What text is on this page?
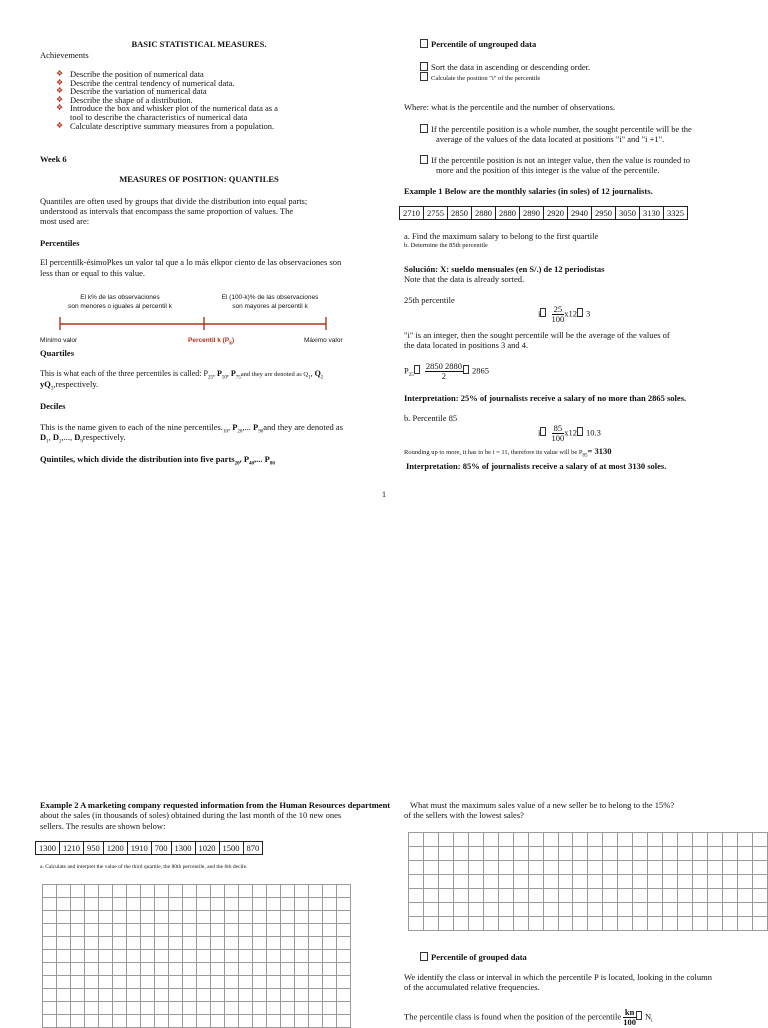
BASIC STATISTICAL MEASURES.
Achievements
❖ Describe the position of numerical data
❖ Describe the central tendency of numerical data.
❖ Describe the variation of numerical data
❖ Describe the shape of a distribution.
❖ Introduce the box and whisker plot of the numerical data as a
tool to describe the characteristics of numerical data
❖ Calculate descriptive summary measures from a population.
Week 6
MEASURES OF POSITION: QUANTILES
Quantiles are often used by groups that divide the distribution into equal parts;
understood as intervals that encompass the same proportion of values. The
most used are:
Percentiles
El percentilk-ésimoPkes un valor tal que a lo más elkpor ciento de las observaciones son
less than or equal to this value.
El k% de las observaciones
son menores o iguales al percentil k
El (100-k)% de las observaciones
son mayores al percentil k
Mínimo valor	Percentil k $(P_k)$	Máximo valor
Quartiles
This is what each of the three percentiles is called: $P_{25}$, $P_{50}$, $P_{75}and$ they are denoted as $Q_1$, $Q_2$
$yQ_3,respectively$.
Deciles
This is the name given to each of the nine $percentiles._{10}$, $P_{20}$,... $P_{90}and$ they are denoted as
$D_1$, $D_2$,..., $D_9respectively$.
Quintiles, which divide the distribution into five parts$_{20}$, $P_{40}$,... $P_{80}$
Percentile of ungrouped data
Sort the data in ascending or descending order.
Calculate the position "i" of the percentile
Where: what is the percentile and the number of observations.
If the percentile position is a whole number, the sought percentile will be the
average of the values of the data located at positions "i" and "i +1".
If the percentile position is not an integer value, then the value is rounded to
more and the position of this integer is the value of the percentile.
Example 1 Below are the monthly salaries (in soles) of 12 journalists.
2710	2755	2850	2880	2880	2890	2920	2940	2950	3050	3130	3325
a. Find the maximum salary to belong to the first quartile
b. Determine the 85th percentile
Solución: X: sueldo mensuales (en S/.) de 12 periodistas
Note that the data is already sorted.
25th percentile
i $\frac{25}{100} x12$ 3
"i" is an integer, then the sought percentile will be the average of the values of
the data located in positions 3 and 4.
$P_{25} \frac{2850 2880}{2} 2865$
Interpretation: 25% of journalists receive a salary of no more than 2865 soles.
b. Percentile 85
i $\frac{85}{100} x12$ 10.3
Rounding up to more, it has to be i = 11, therefore its value will be $P_{85}= 3130$
Interpretation: 85% of journalists receive a salary of at most 3130 soles.
1
Example 2 A marketing company requested information from the Human Resources department
about the sales (in thousands of soles) obtained during the last month of the 10 new ones
sellers. The results are shown below:
What must the maximum sales value of a new seller be to belong to the 15%?
of the sellers with the lowest sales?
1300	1210	950	1200	1910	700	1300	1020	1500	870
a. Calculate and interpret the value of the third quartile, the 80th percentile, and the 6th decile.

Percentile of grouped data
We identify the class or interval in which the percentile P is located, looking in the column
of the accumulated relative frequencies.
The percentile class is found when the position of the percentile $\frac{kn}{100} N_i$
